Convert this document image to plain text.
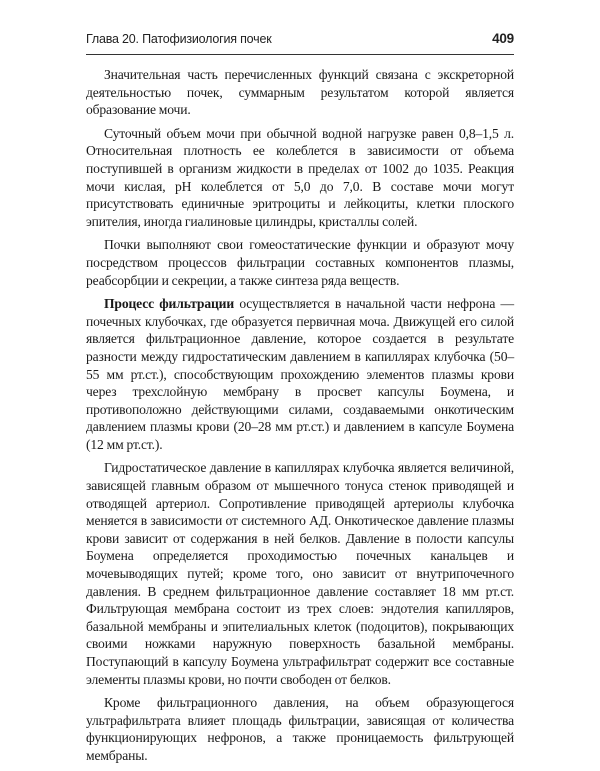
Глава 20. Патофизиология почек	409

Значительная часть перечисленных функций связана с экскреторной деятельностью почек, суммарным результатом которой является образование мочи.

Суточный объем мочи при обычной водной нагрузке равен 0,8–1,5 л. Относительная плотность ее колеблется в зависимости от объема поступившей в организм жидкости в пределах от 1002 до 1035. Реакция мочи кислая, pH колеблется от 5,0 до 7,0. В составе мочи могут присутствовать единичные эритроциты и лейкоциты, клетки плоского эпителия, иногда гиалиновые цилиндры, кристаллы солей.

Почки выполняют свои гомеостатические функции и образуют мочу посредством процессов фильтрации составных компонентов плазмы, реабсорбции и секреции, а также синтеза ряда веществ.

Процесс фильтрации осуществляется в начальной части нефрона — почечных клубочках, где образуется первичная моча. Движущей его силой является фильтрационное давление, которое создается в результате разности между гидростатическим давлением в капиллярах клубочка (50–55 мм рт.ст.), способствующим прохождению элементов плазмы крови через трехслойную мембрану в просвет капсулы Боумена, и противоположно действующими силами, создаваемыми онкотическим давлением плазмы крови (20–28 мм рт.ст.) и давлением в капсуле Боумена (12 мм рт.ст.).

Гидростатическое давление в капиллярах клубочка является величиной, зависящей главным образом от мышечного тонуса стенок приводящей и отводящей артериол. Сопротивление приводящей артериолы клубочка меняется в зависимости от системного АД. Онкотическое давление плазмы крови зависит от содержания в ней белков. Давление в полости капсулы Боумена определяется проходимостью почечных канальцев и мочевыводящих путей; кроме того, оно зависит от внутрипочечного давления. В среднем фильтрационное давление составляет 18 мм рт.ст. Фильтрующая мембрана состоит из трех слоев: эндотелия капилляров, базальной мембраны и эпителиальных клеток (подоцитов), покрывающих своими ножками наружную поверхность базальной мембраны. Поступающий в капсулу Боумена ультрафильтрат содержит все составные элементы плазмы крови, но почти свободен от белков.

Кроме фильтрационного давления, на объем образующегося ультрафильтрата влияет площадь фильтрации, зависящая от количества функционирующих нефронов, а также проницаемость фильтрующей мембраны.
